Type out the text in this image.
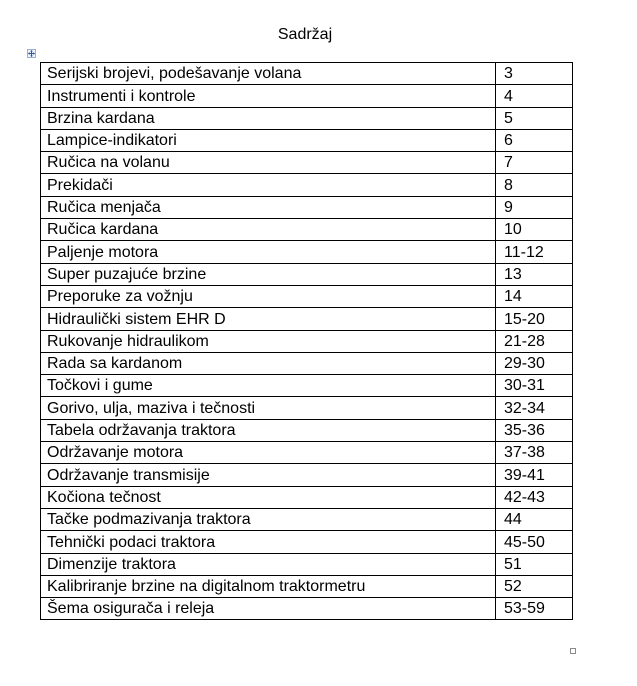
Sadržaj
Serijski brojevi, podešavanje volana	3
Instrumenti i kontrole	4
Brzina kardana	5
Lampice-indikatori	6
Ručica na volanu	7
Prekidači	8
Ručica menjača	9
Ručica kardana	10
Paljenje motora	11-12
Super puzajuće brzine	13
Preporuke za vožnju	14
Hidraulički sistem EHR D	15-20
Rukovanje hidraulikom	21-28
Rada sa kardanom	29-30
Točkovi i gume	30-31
Gorivo, ulja, maziva i tečnosti	32-34
Tabela održavanja traktora	35-36
Održavanje motora	37-38
Održavanje transmisije	39-41
Kočiona tečnost	42-43
Tačke podmazivanja traktora	44
Tehnički podaci traktora	45-50
Dimenzije traktora	51
Kalibriranje brzine na digitalnom traktormetru	52
Šema osigurača i releja	53-59
